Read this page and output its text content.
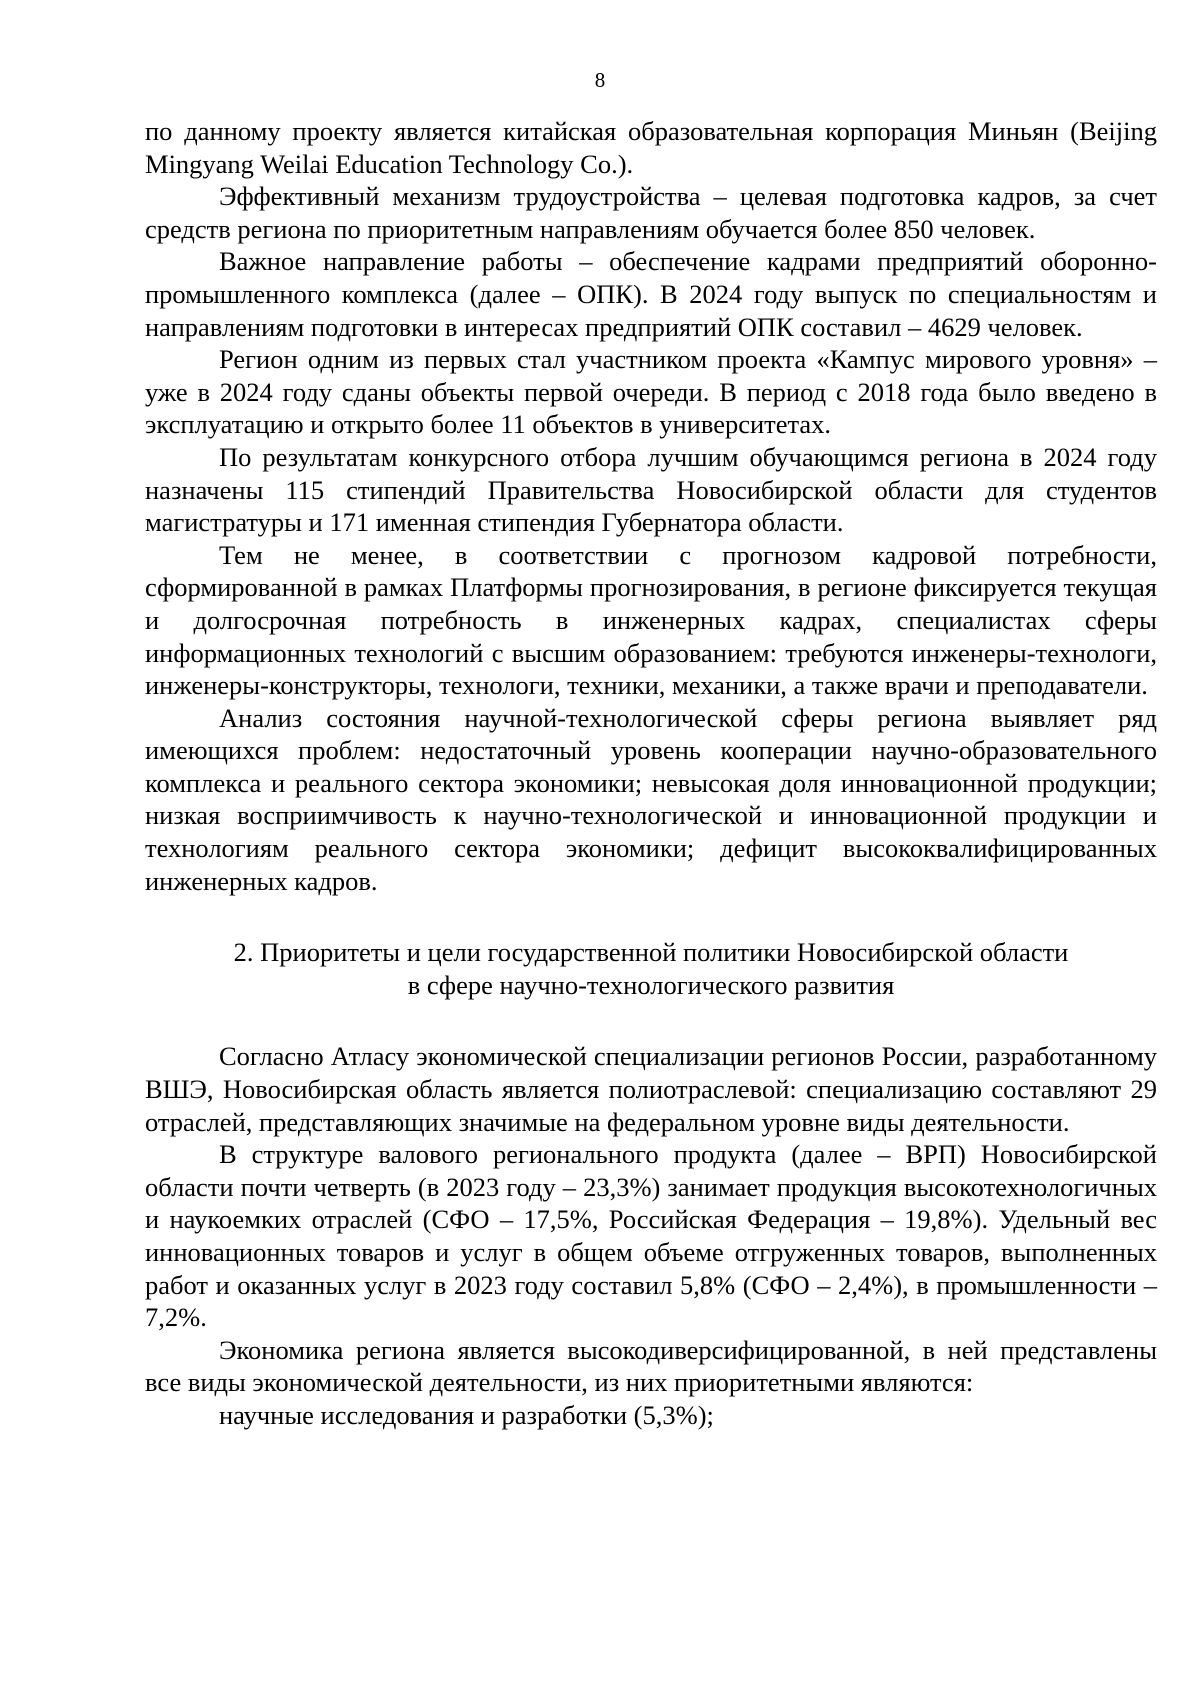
8

по данному проекту является китайская образовательная корпорация Миньян (Beijing Mingyang Weilai Education Technology Co.).

Эффективный механизм трудоустройства – целевая подготовка кадров, за счет средств региона по приоритетным направлениям обучается более 850 человек.

Важное направление работы – обеспечение кадрами предприятий оборонно-промышленного комплекса (далее – ОПК). В 2024 году выпуск по специальностям и направлениям подготовки в интересах предприятий ОПК составил – 4629 человек.

Регион одним из первых стал участником проекта «Кампус мирового уровня» – уже в 2024 году сданы объекты первой очереди. В период с 2018 года было введено в эксплуатацию и открыто более 11 объектов в университетах.

По результатам конкурсного отбора лучшим обучающимся региона в 2024 году назначены 115 стипендий Правительства Новосибирской области для студентов магистратуры и 171 именная стипендия Губернатора области.

Тем не менее, в соответствии с прогнозом кадровой потребности, сформированной в рамках Платформы прогнозирования, в регионе фиксируется текущая и долгосрочная потребность в инженерных кадрах, специалистах сферы информационных технологий с высшим образованием: требуются инженеры-технологи, инженеры-конструкторы, технологи, техники, механики, а также врачи и преподаватели.

Анализ состояния научной-технологической сферы региона выявляет ряд имеющихся проблем: недостаточный уровень кооперации научно-образовательного комплекса и реального сектора экономики; невысокая доля инновационной продукции; низкая восприимчивость к научно-технологической и инновационной продукции и технологиям реального сектора экономики; дефицит высококвалифицированных инженерных кадров.

2. Приоритеты и цели государственной политики Новосибирской области
в сфере научно-технологического развития

Согласно Атласу экономической специализации регионов России, разработанному ВШЭ, Новосибирская область является полиотраслевой: специализацию составляют 29 отраслей, представляющих значимые на федеральном уровне виды деятельности.

В структуре валового регионального продукта (далее – ВРП) Новосибирской области почти четверть (в 2023 году – 23,3%) занимает продукция высокотехнологичных и наукоемких отраслей (СФО – 17,5%, Российская Федерация – 19,8%). Удельный вес инновационных товаров и услуг в общем объеме отгруженных товаров, выполненных работ и оказанных услуг в 2023 году составил 5,8% (СФО – 2,4%), в промышленности – 7,2%.

Экономика региона является высокодиверсифицированной, в ней представлены все виды экономической деятельности, из них приоритетными являются:

научные исследования и разработки (5,3%);
